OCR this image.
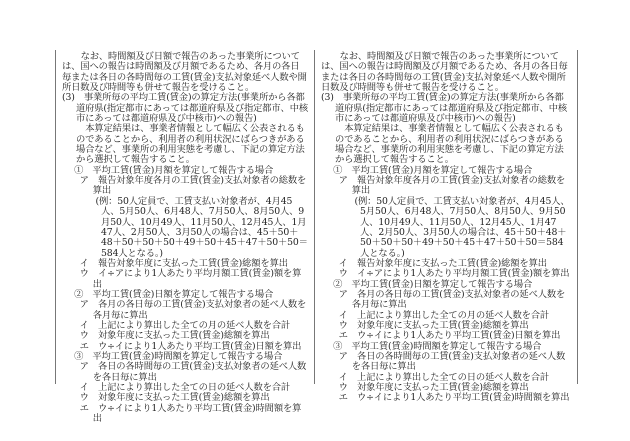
なお、時間額及び日額で報告のあった事業所については、国への報告は時間額及び月額であるため、各月の各日毎または各日の各時間毎の工賃(賃金)支払対象延べ人数や開所日数及び時間等も併せて報告を受けること。

(3)　事業所毎の平均工賃(賃金)の算定方法(事業所から各都道府県(指定都市にあっては都道府県及び指定都市、中核市にあっては都道府県及び中核市)への報告)

本算定結果は、事業者情報として幅広く公表されるものであることから、利用者の利用状況にばらつきがある場合など、事業所の利用実態を考慮し、下記の算定方法から選択して報告すること。

①　平均工賃(賃金)月額を算定して報告する場合

ア　報告対象年度各月の工賃(賃金)支払対象者の総数を算出

(例：50人定員で、工賃支払い対象者が、4月45人、5月50人、6月48人、7月50人、8月50人、9月50人、10月49人、11月50人、12月45人、1月47人、2月50人、3月50人の場合は、45＋50＋48＋50＋50＋50＋49＋50＋45＋47＋50＋50＝584人となる。)

イ　報告対象年度に支払った工賃(賃金)総額を算出

ウ　イ÷アにより1人あたり平均月額工賃(賃金)額を算出

②　平均工賃(賃金)日額を算定して報告する場合

ア　各月の各日毎の工賃(賃金)支払対象者の延べ人数を各月毎に算出

イ　上記により算出した全ての月の延べ人数を合計

ウ　対象年度に支払った工賃(賃金)総額を算出

エ　ウ÷イにより1人あたり平均工賃(賃金)日額を算出

③　平均工賃(賃金)時間額を算定して報告する場合

ア　各日の各時間毎の工賃(賃金)支払対象者の延べ人数を各日毎に算出

イ　上記により算出した全ての日の延べ人数を合計

ウ　対象年度に支払った工賃(賃金)総額を算出

エ　ウ÷イにより1人あたり平均工賃(賃金)時間額を算出

なお、時間額及び日額で報告のあった事業所については、国への報告は時間額及び月額であるため、各月の各日毎または各日の各時間毎の工賃(賃金)支払対象延べ人数や開所日数及び時間等も併せて報告を受けること。

(3)　事業所毎の平均工賃(賃金)の算定方法(事業所から各都道府県(指定都市にあっては都道府県及び指定都市、中核市にあっては都道府県及び中核市)への報告)

本算定結果は、事業者情報として幅広く公表されるものであることから、利用者の利用状況にばらつきがある場合など、事業所の利用実態を考慮し、下記の算定方法から選択して報告すること。

①　平均工賃(賃金)月額を算定して報告する場合

ア　報告対象年度各月の工賃(賃金)支払対象者の総数を算出

(例：50人定員で、工賃支払い対象者が、4月45人、5月50人、6月48人、7月50人、8月50人、9月50人、10月49人、11月50人、12月45人、1月47人、2月50人、3月50人の場合は、45＋50＋48＋50＋50＋50＋49＋50＋45＋47＋50＋50＝584人となる。)

イ　報告対象年度に支払った工賃(賃金)総額を算出

ウ　イ÷アにより1人あたり平均月額工賃(賃金)額を算出

②　平均工賃(賃金)日額を算定して報告する場合

ア　各月の各日毎の工賃(賃金)支払対象者の延べ人数を各月毎に算出

イ　上記により算出した全ての月の延べ人数を合計

ウ　対象年度に支払った工賃(賃金)総額を算出

エ　ウ÷イにより1人あたり平均工賃(賃金)日額を算出

③　平均工賃(賃金)時間額を算定して報告する場合

ア　各日の各時間毎の工賃(賃金)支払対象者の延べ人数を各日毎に算出

イ　上記により算出した全ての日の延べ人数を合計

ウ　対象年度に支払った工賃(賃金)総額を算出

エ　ウ÷イにより1人あたり平均工賃(賃金)時間額を算出
